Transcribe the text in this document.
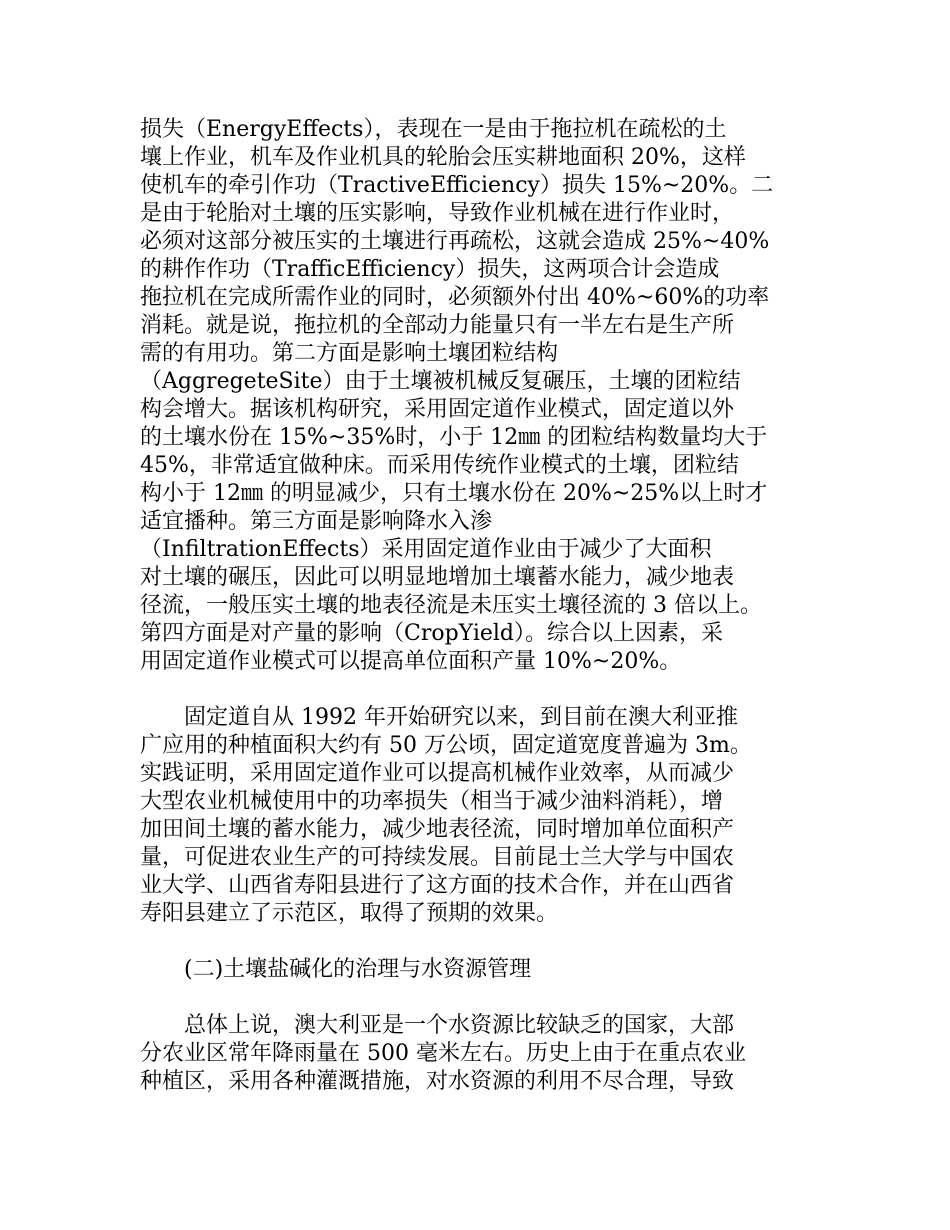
损失（EnergyEffects），表现在一是由于拖拉机在疏松的土
壤上作业，机车及作业机具的轮胎会压实耕地面积 20%，这样
使机车的牵引作功（TractiveEfficiency）损失 15%~20%。二
是由于轮胎对土壤的压实影响，导致作业机械在进行作业时，
必须对这部分被压实的土壤进行再疏松，这就会造成 25%~40%
的耕作作功（TrafficEfficiency）损失，这两项合计会造成
拖拉机在完成所需作业的同时，必须额外付出 40%~60%的功率
消耗。就是说，拖拉机的全部动力能量只有一半左右是生产所
需的有用功。第二方面是影响土壤团粒结构
（AggregeteSite）由于土壤被机械反复碾压，土壤的团粒结
构会增大。据该机构研究，采用固定道作业模式，固定道以外
的土壤水份在 15%~35%时，小于 12㎜ 的团粒结构数量均大于
45%，非常适宜做种床。而采用传统作业模式的土壤，团粒结
构小于 12㎜ 的明显减少，只有土壤水份在 20%~25%以上时才
适宜播种。第三方面是影响降水入渗
（InfiltrationEffects）采用固定道作业由于减少了大面积
对土壤的碾压，因此可以明显地增加土壤蓄水能力，减少地表
径流，一般压实土壤的地表径流是未压实土壤径流的 3 倍以上。
第四方面是对产量的影响（CropYield）。综合以上因素，采
用固定道作业模式可以提高单位面积产量 10%~20%。
　　固定道自从 1992 年开始研究以来，到目前在澳大利亚推
广应用的种植面积大约有 50 万公顷，固定道宽度普遍为 3m。
实践证明，采用固定道作业可以提高机械作业效率，从而减少
大型农业机械使用中的功率损失（相当于减少油料消耗），增
加田间土壤的蓄水能力，减少地表径流，同时增加单位面积产
量，可促进农业生产的可持续发展。目前昆士兰大学与中国农
业大学、山西省寿阳县进行了这方面的技术合作，并在山西省
寿阳县建立了示范区，取得了预期的效果。
　　(二)土壤盐碱化的治理与水资源管理
　　总体上说，澳大利亚是一个水资源比较缺乏的国家，大部
分农业区常年降雨量在 500 毫米左右。历史上由于在重点农业
种植区，采用各种灌溉措施，对水资源的利用不尽合理，导致
